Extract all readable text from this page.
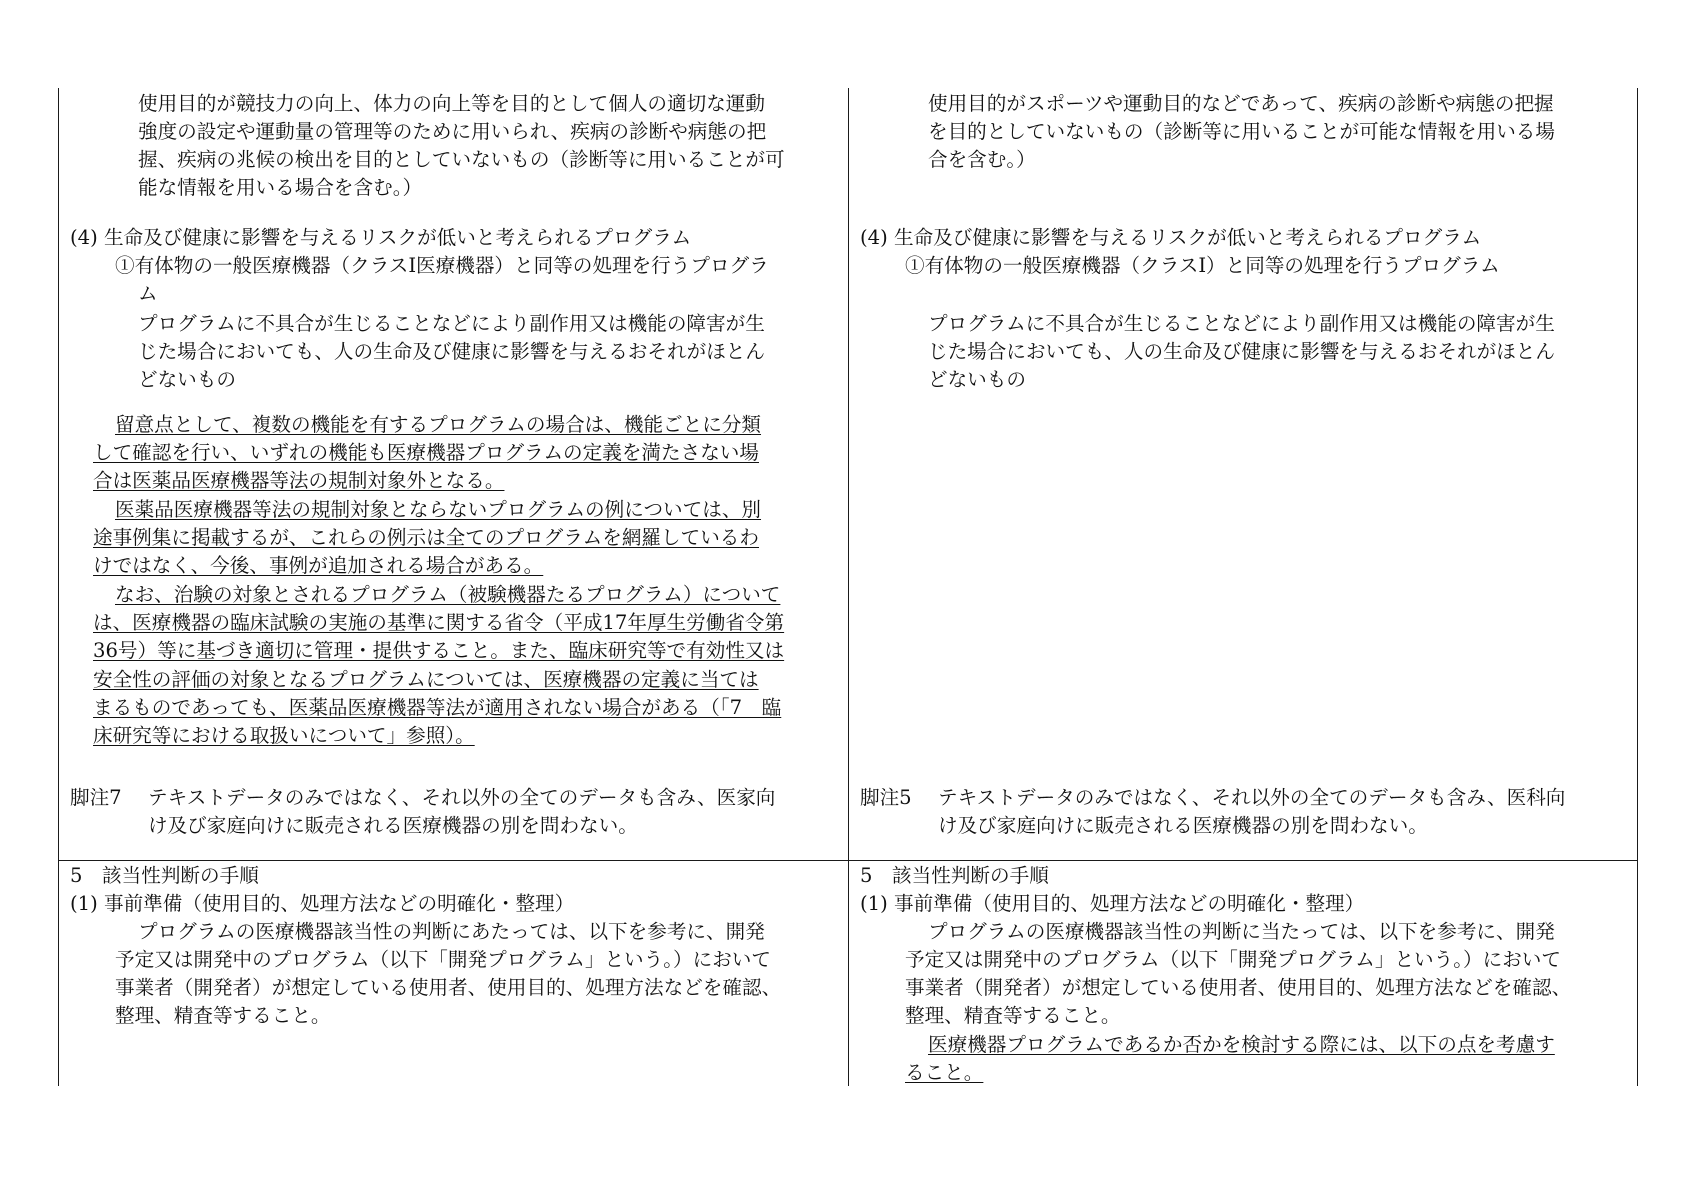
使用目的が競技力の向上、体力の向上等を目的として個人の適切な運動
強度の設定や運動量の管理等のために用いられ、疾病の診断や病態の把
握、疾病の兆候の検出を目的としていないもの（診断等に用いることが可
能な情報を用いる場合を含む。）
(4) 生命及び健康に影響を与えるリスクが低いと考えられるプログラム
①有体物の一般医療機器（クラスⅠ医療機器）と同等の処理を行うプログラ
ム
プログラムに不具合が生じることなどにより副作用又は機能の障害が生
じた場合においても、人の生命及び健康に影響を与えるおそれがほとん
どないもの
留意点として、複数の機能を有するプログラムの場合は、機能ごとに分類
して確認を行い、いずれの機能も医療機器プログラムの定義を満たさない場
合は医薬品医療機器等法の規制対象外となる。
医薬品医療機器等法の規制対象とならないプログラムの例については、別
途事例集に掲載するが、これらの例示は全てのプログラムを網羅しているわ
けではなく、今後、事例が追加される場合がある。
なお、治験の対象とされるプログラム（被験機器たるプログラム）について
は、医療機器の臨床試験の実施の基準に関する省令（平成17年厚生労働省令第
36号）等に基づき適切に管理・提供すること。また、臨床研究等で有効性又は
安全性の評価の対象となるプログラムについては、医療機器の定義に当ては
まるものであっても、医薬品医療機器等法が適用されない場合がある（「7　臨
床研究等における取扱いについて」参照）。
脚注7 テキストデータのみではなく、それ以外の全てのデータも含み、医家向
け及び家庭向けに販売される医療機器の別を問わない。
5　該当性判断の手順
(1) 事前準備（使用目的、処理方法などの明確化・整理）
プログラムの医療機器該当性の判断にあたっては、以下を参考に、開発
予定又は開発中のプログラム（以下「開発プログラム」という。）において
事業者（開発者）が想定している使用者、使用目的、処理方法などを確認、
整理、精査等すること。
使用目的がスポーツや運動目的などであって、疾病の診断や病態の把握
を目的としていないもの（診断等に用いることが可能な情報を用いる場
合を含む。）
(4) 生命及び健康に影響を与えるリスクが低いと考えられるプログラム
①有体物の一般医療機器（クラスⅠ）と同等の処理を行うプログラム
プログラムに不具合が生じることなどにより副作用又は機能の障害が生
じた場合においても、人の生命及び健康に影響を与えるおそれがほとん
どないもの
脚注5 テキストデータのみではなく、それ以外の全てのデータも含み、医科向
け及び家庭向けに販売される医療機器の別を問わない。
5　該当性判断の手順
(1) 事前準備（使用目的、処理方法などの明確化・整理）
プログラムの医療機器該当性の判断に当たっては、以下を参考に、開発
予定又は開発中のプログラム（以下「開発プログラム」という。）において
事業者（開発者）が想定している使用者、使用目的、処理方法などを確認、
整理、精査等すること。
医療機器プログラムであるか否かを検討する際には、以下の点を考慮す
ること。
